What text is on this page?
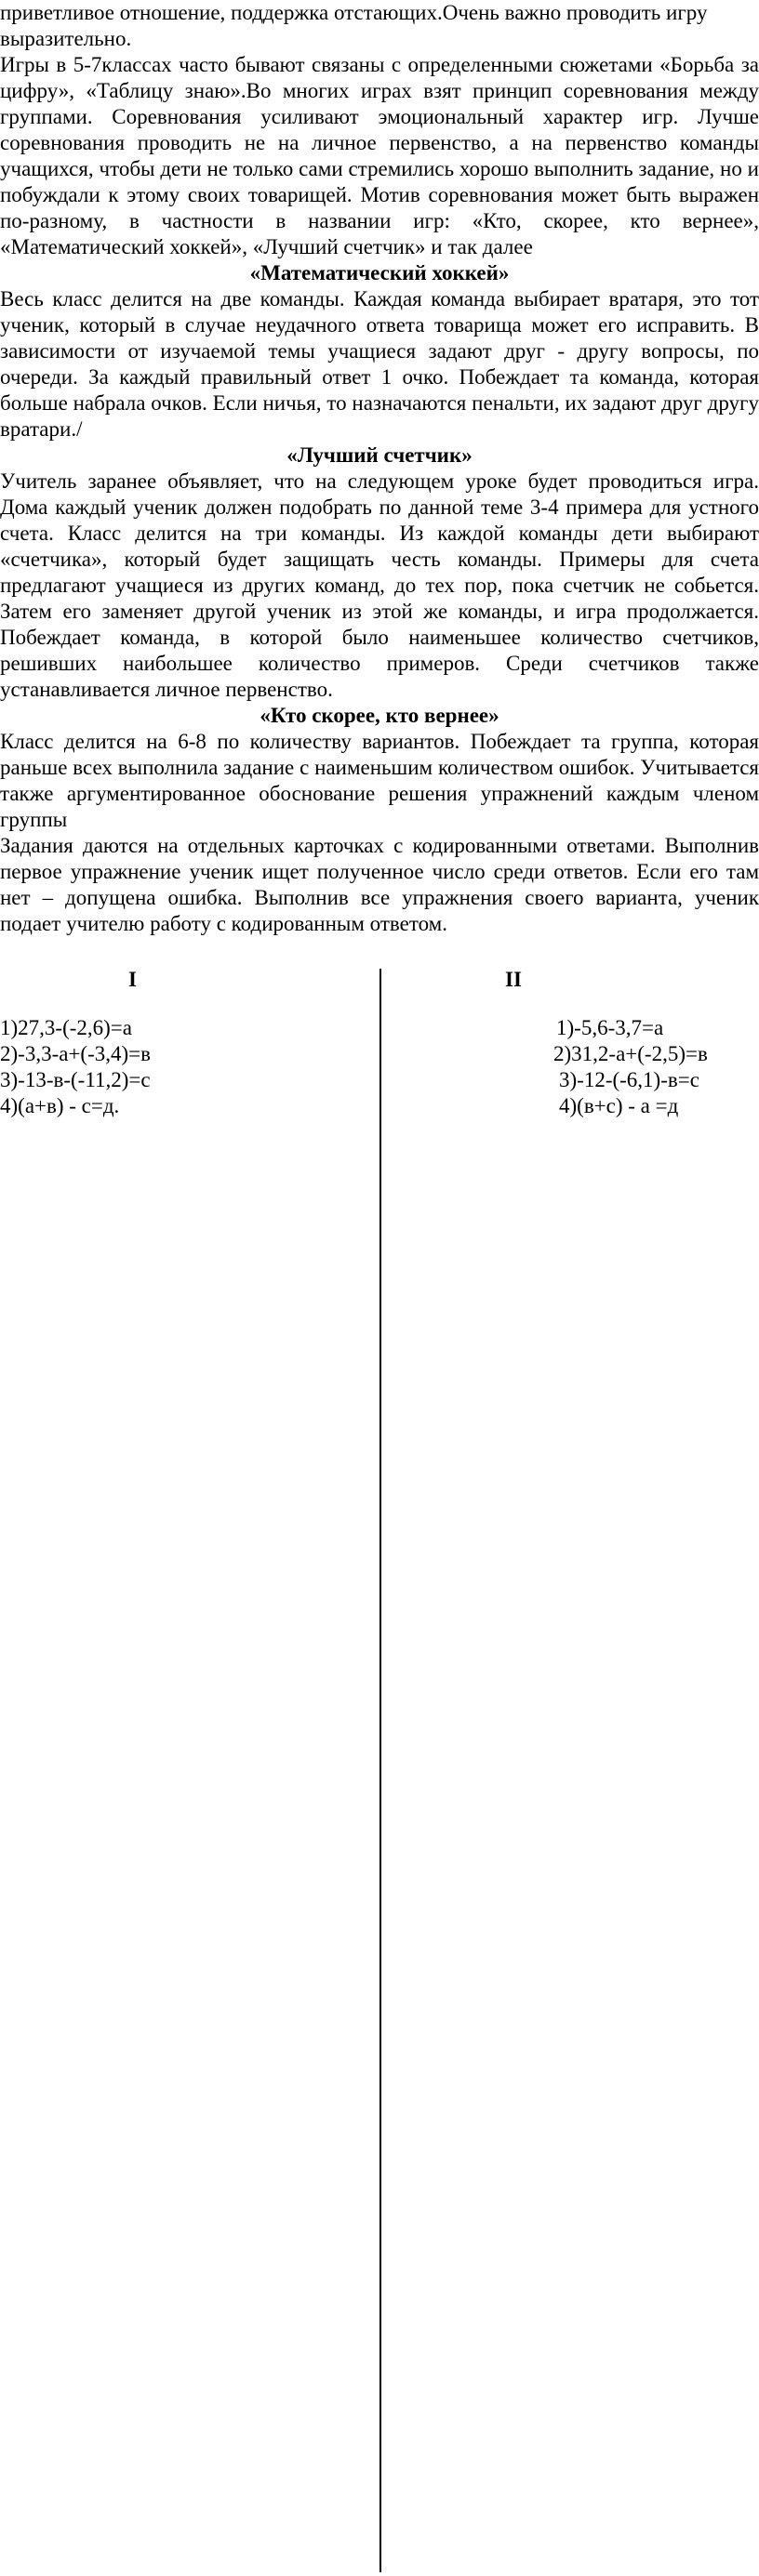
приветливое отношение, поддержка отстающих.Очень важно проводить игру выразительно.

Игры в 5-7классах часто бывают связаны с определенными сюжетами «Борьба за цифру», «Таблицу знаю».Во многих играх взят принцип соревнования между группами. Соревнования усиливают эмоциональный характер игр. Лучше соревнования проводить не на личное первенство, а на первенство команды учащихся, чтобы дети не только сами стремились хорошо выполнить задание, но и побуждали к этому своих товарищей. Мотив соревнования может быть выражен по-разному, в частности в названии игр: «Кто, скорее, кто вернее», «Математический хоккей», «Лучший счетчик» и так далее

«Математический хоккей»

Весь класс делится на две команды. Каждая команда выбирает вратаря, это тот ученик, который в случае неудачного ответа товарища может его исправить. В зависимости от изучаемой темы учащиеся задают друг - другу вопросы, по очереди. За каждый правильный ответ 1 очко. Побеждает та команда, которая больше набрала очков. Если ничья, то назначаются пенальти, их задают друг другу вратари./

«Лучший счетчик»

Учитель заранее объявляет, что на следующем уроке будет проводиться игра. Дома каждый ученик должен подобрать по данной теме 3-4 примера для устного счета. Класс делится на три команды. Из каждой команды дети выбирают «счетчика», который будет защищать честь команды. Примеры для счета предлагают учащиеся из других команд, до тех пор, пока счетчик не собьется. Затем его заменяет другой ученик из этой же команды, и игра продолжается. Побеждает команда, в которой было наименьшее количество счетчиков, решивших наибольшее количество примеров. Среди счетчиков также устанавливается личное первенство.

«Кто скорее, кто вернее»

Класс делится на 6-8 по количеству вариантов. Побеждает та группа, которая раньше всех выполнила задание с наименьшим количеством ошибок. Учитывается также аргументированное обоснование решения упражнений каждым членом группы

Задания даются на отдельных карточках с кодированными ответами. Выполнив первое упражнение ученик ищет полученное число среди ответов. Если его там нет – допущена ошибка. Выполнив все упражнения своего варианта, ученик подает учителю работу с кодированным ответом.

I	II
1)27,3-(-2,6)=а
2)-3,3-а+(-3,4)=в
3)-13-в-(-11,2)=с
4)(а+в) - с=д.
1)-5,6-3,7=а
2)31,2-а+(-2,5)=в
3)-12-(-6,1)-в=с
4)(в+с) - а =д
